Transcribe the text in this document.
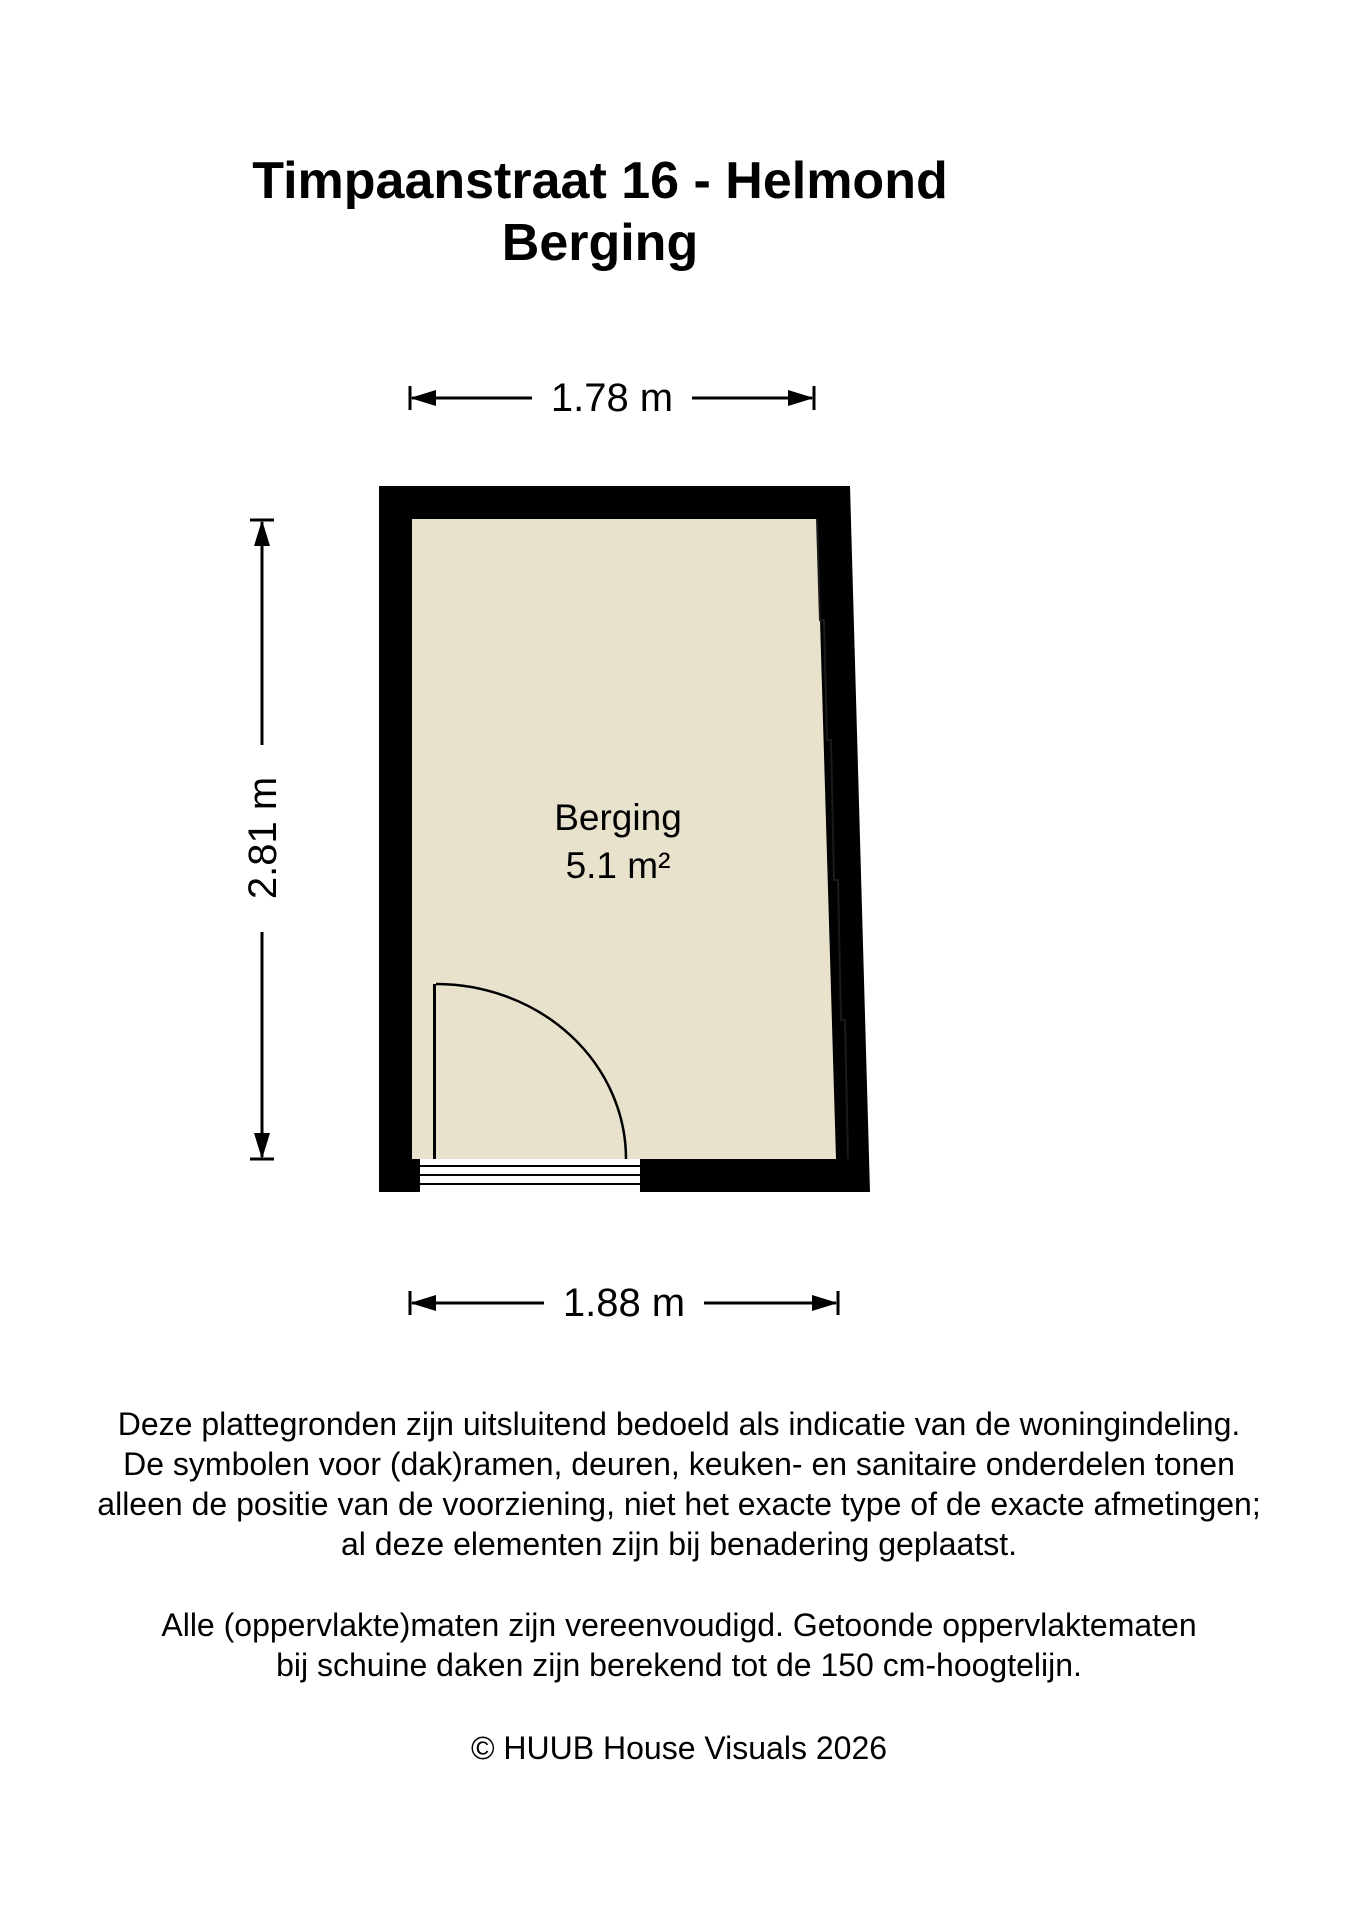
Timpaanstraat 16 - Helmond
Berging
1.78 m
2.81 m	Berging
5.1 m²
1.88 m
Deze plattegronden zijn uitsluitend bedoeld als indicatie van de woningindeling.
De symbolen voor (dak)ramen, deuren, keuken- en sanitaire onderdelen tonen
alleen de positie van de voorziening, niet het exacte type of de exacte afmetingen;
al deze elementen zijn bij benadering geplaatst.
Alle (oppervlakte)maten zijn vereenvoudigd. Getoonde oppervlaktematen
bij schuine daken zijn berekend tot de 150 cm-hoogtelijn.
© HUUB House Visuals 2026
